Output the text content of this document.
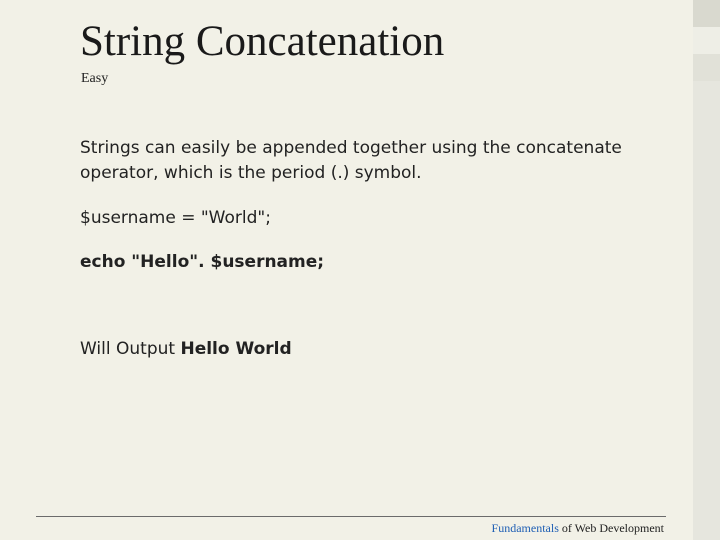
String Concatenation
Easy

Strings can easily be appended together using the concatenate operator, which is the period (.) symbol.

$username = "World";

echo "Hello". $username;

Will Output Hello World

Fundamentals of Web Development
